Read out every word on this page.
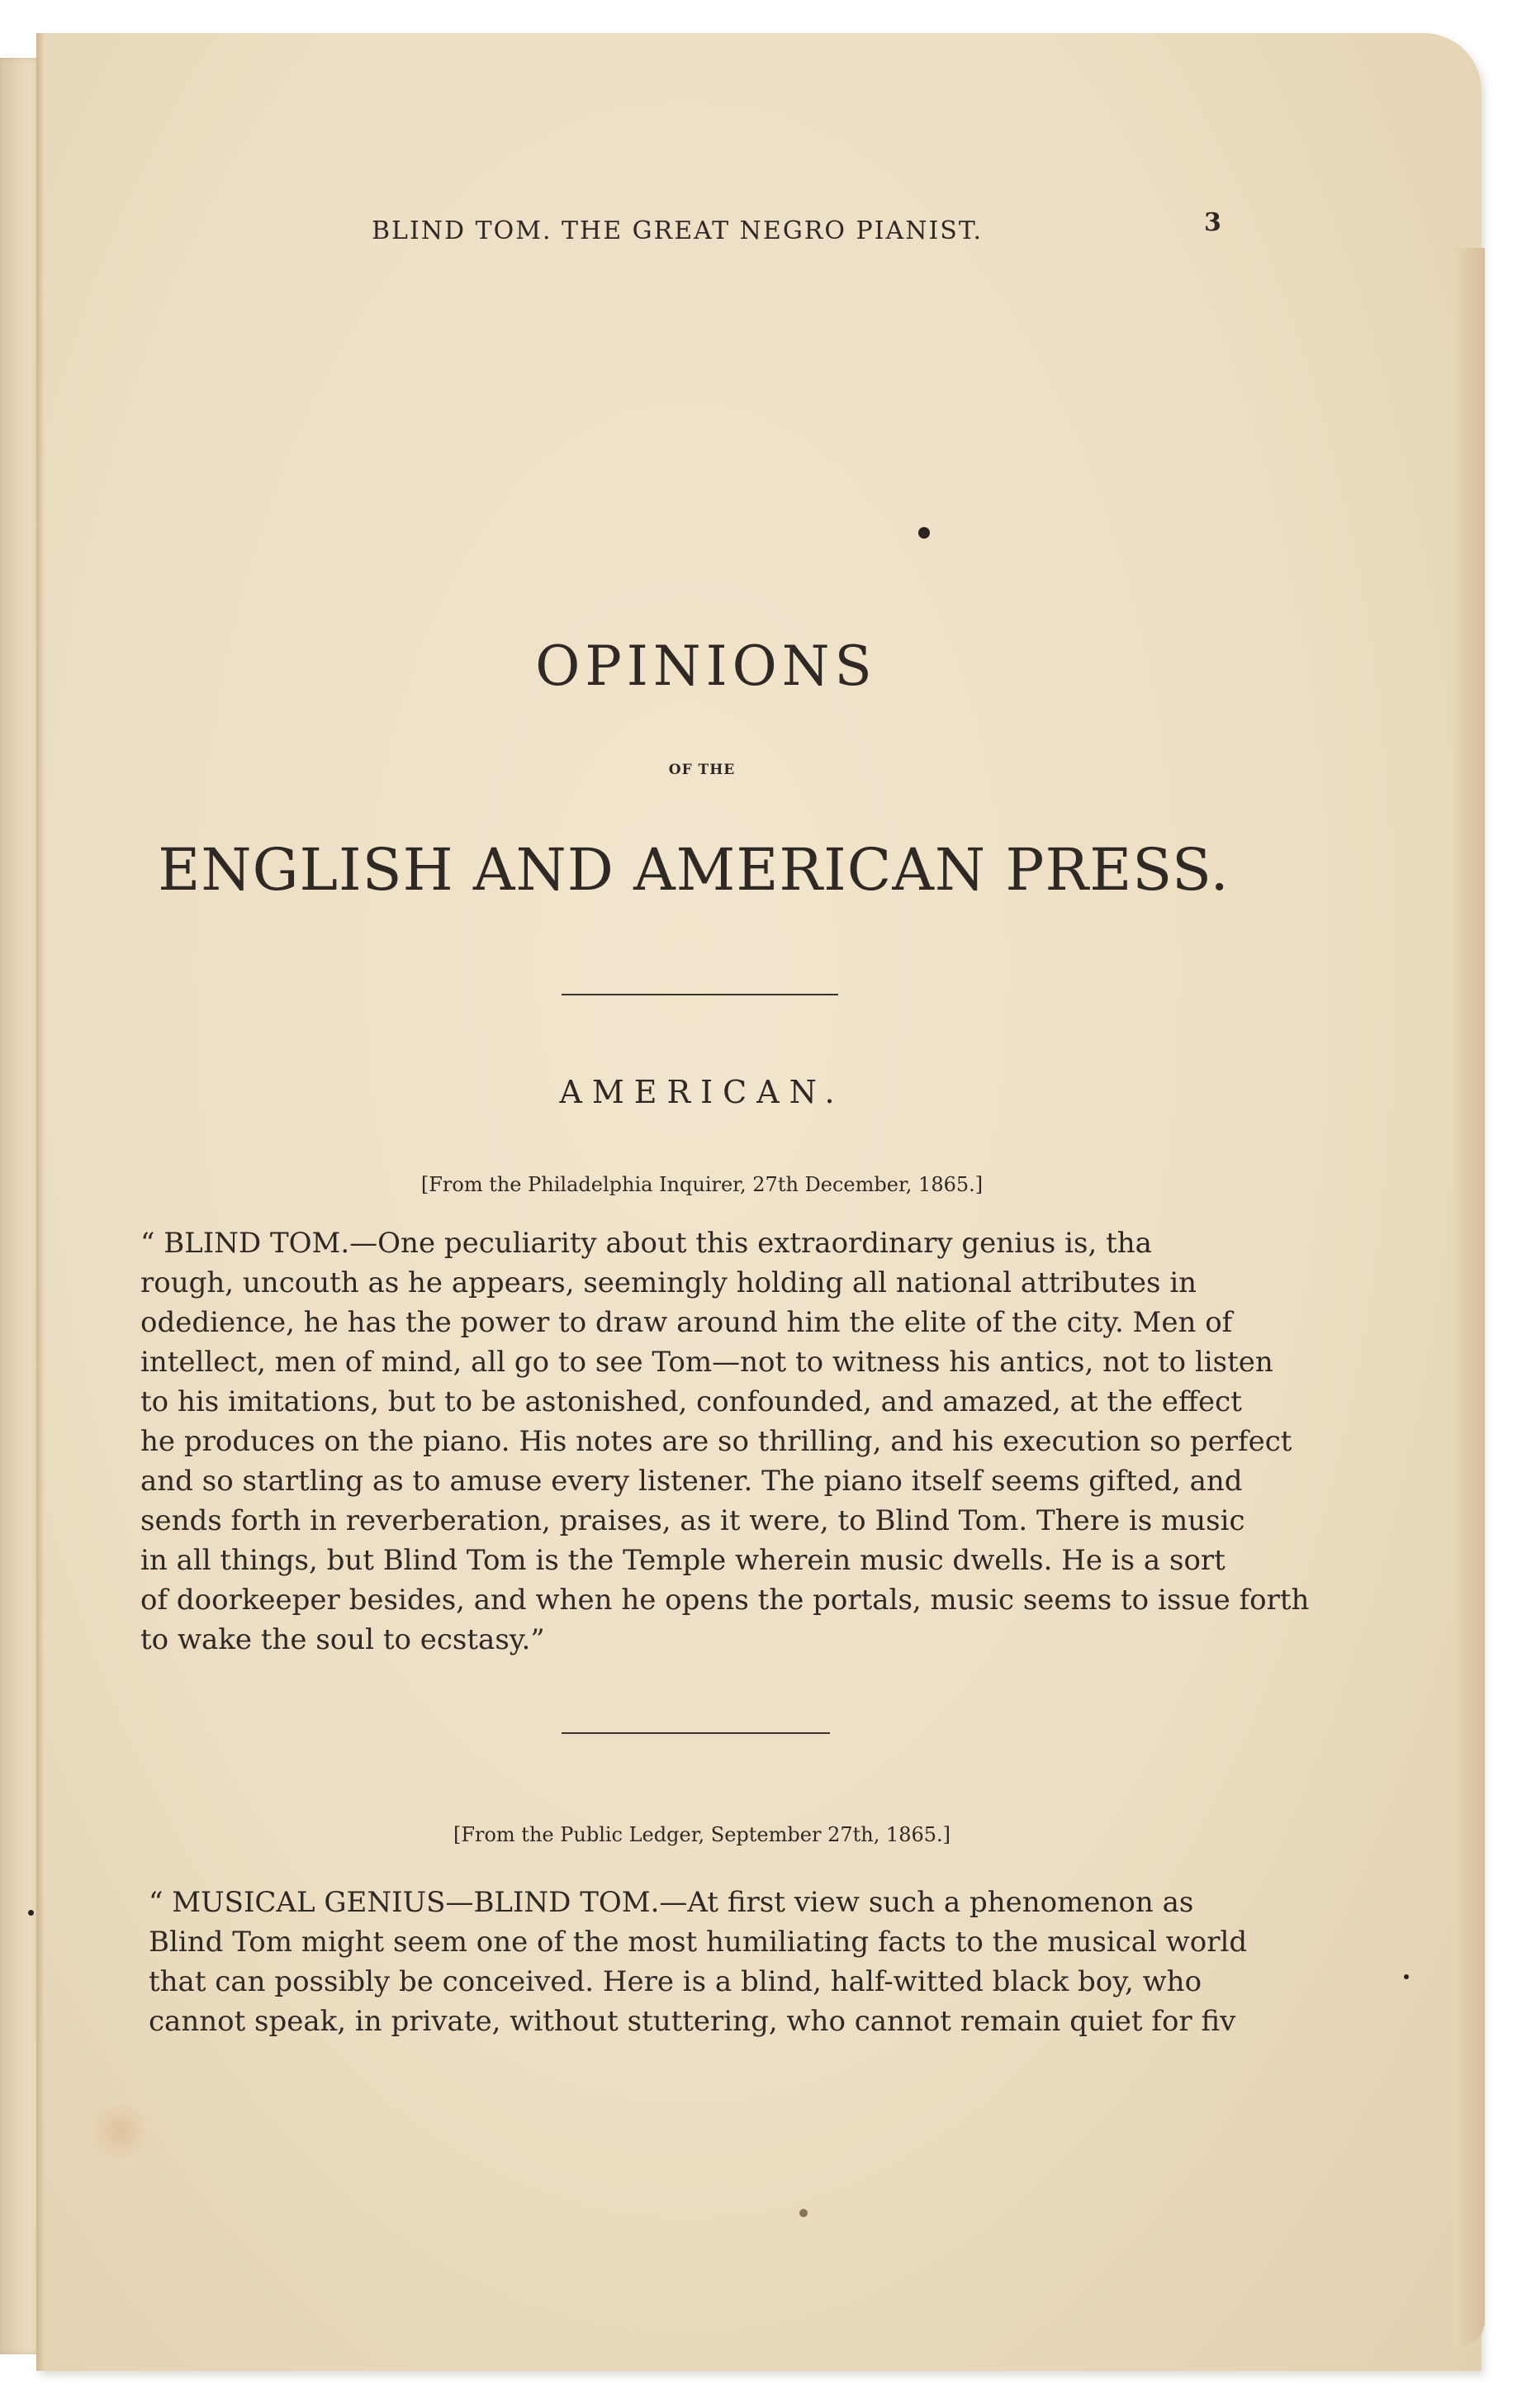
BLIND TOM. THE GREAT NEGRO PIANIST.	3
OPINIONS
OF THE
ENGLISH AND AMERICAN PRESS.
AMERICAN.
[From the Philadelphia Inquirer, 27th December, 1865.]
“ BLIND TOM.—One peculiarity about this extraordinary genius is, tha
rough, uncouth as he appears, seemingly holding all national attributes in
odedience, he has the power to draw around him the elite of the city. Men of
intellect, men of mind, all go to see Tom—not to witness his antics, not to listen
to his imitations, but to be astonished, confounded, and amazed, at the effect
he produces on the piano. His notes are so thrilling, and his execution so perfect
and so startling as to amuse every listener. The piano itself seems gifted, and
sends forth in reverberation, praises, as it were, to Blind Tom. There is music
in all things, but Blind Tom is the Temple wherein music dwells. He is a sort
of doorkeeper besides, and when he opens the portals, music seems to issue forth
to wake the soul to ecstasy.”
[From the Public Ledger, September 27th, 1865.]
“ MUSICAL GENIUS—BLIND TOM.—At first view such a phenomenon as
Blind Tom might seem one of the most humiliating facts to the musical world
that can possibly be conceived. Here is a blind, half-witted black boy, who
cannot speak, in private, without stuttering, who cannot remain quiet for fiv
